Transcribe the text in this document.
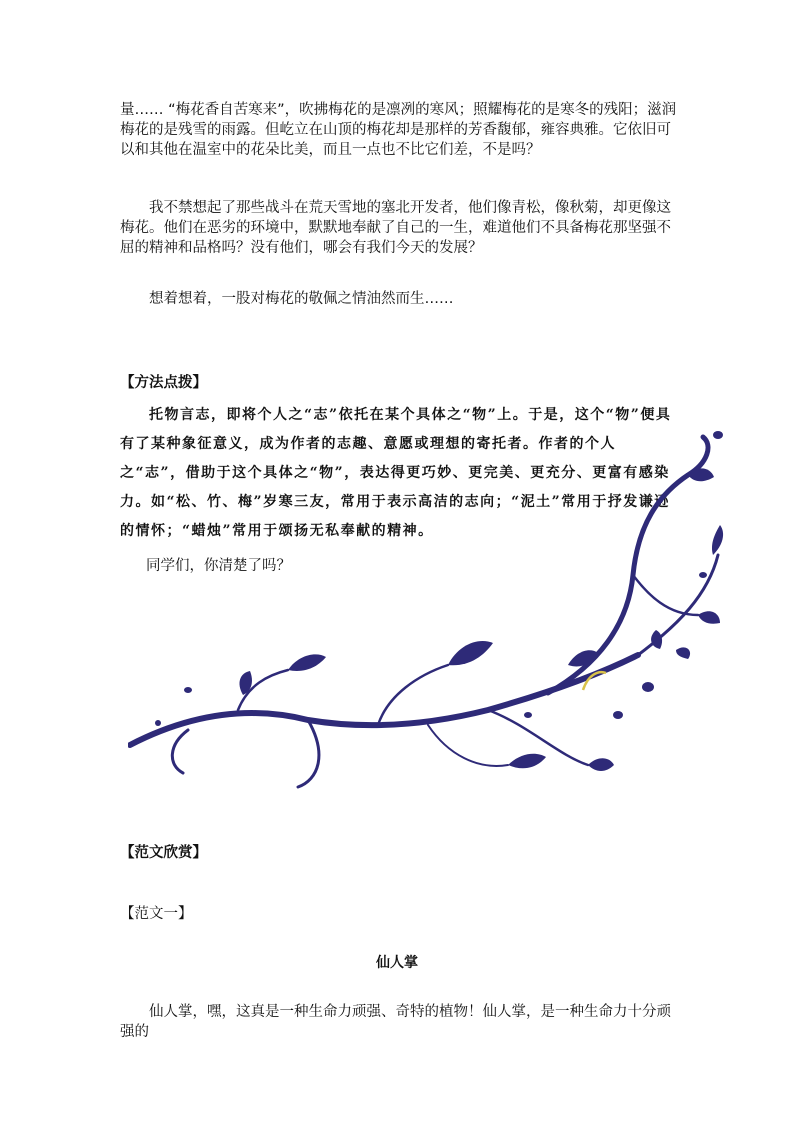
量…… “梅花香自苦寒来”，吹拂梅花的是凛冽的寒风；照耀梅花的是寒冬的残阳；滋润梅花的是残雪的雨露。但屹立在山顶的梅花却是那样的芳香馥郁，雍容典雅。它依旧可以和其他在温室中的花朵比美，而且一点也不比它们差，不是吗？

我不禁想起了那些战斗在荒天雪地的塞北开发者，他们像青松，像秋菊，却更像这梅花。他们在恶劣的环境中，默默地奉献了自己的一生，难道他们不具备梅花那坚强不屈的精神和品格吗？没有他们，哪会有我们今天的发展？

想着想着，一股对梅花的敬佩之情油然而生……

【方法点拨】

托物言志，即将个人之“志”依托在某个具体之“物”上。于是，这个“物”便具有了某种象征意义，成为作者的志趣、意愿或理想的寄托者。作者的个人之“志”，借助于这个具体之“物”，表达得更巧妙、更完美、更充分、更富有感染力。如“松、竹、梅”岁寒三友，常用于表示高洁的志向；“泥土”常用于抒发谦逊的情怀；“蜡烛”常用于颂扬无私奉献的精神。

同学们，你清楚了吗？

【范文欣赏】

【范文一】

仙人掌

仙人掌，嘿，这真是一种生命力顽强、奇特的植物！仙人掌，是一种生命力十分顽强的
